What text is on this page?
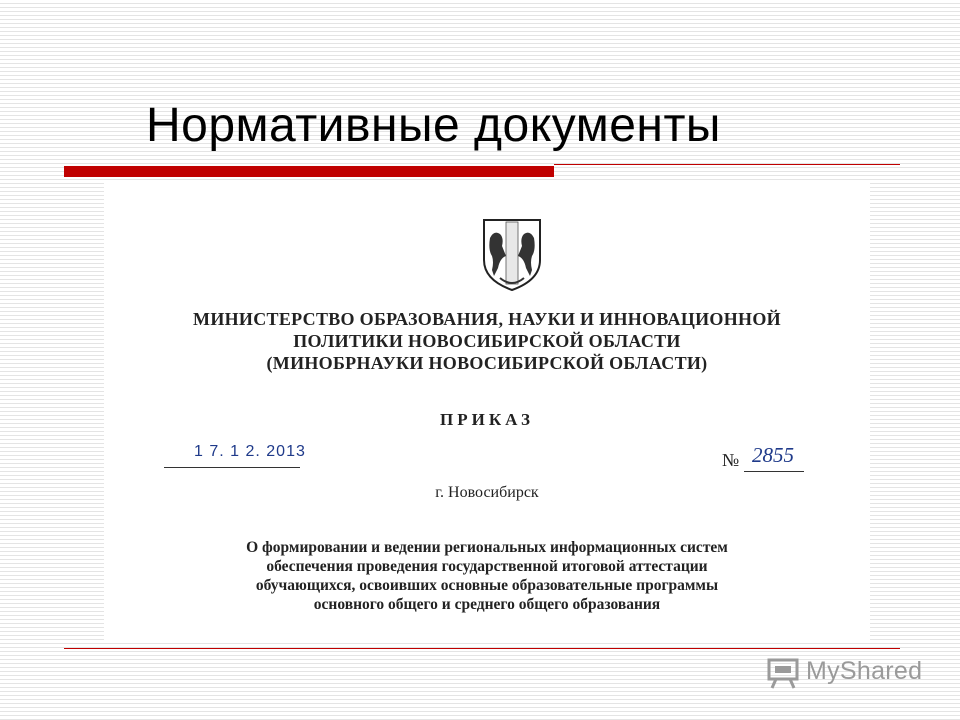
Нормативные документы
МИНИСТЕРСТВО ОБРАЗОВАНИЯ, НАУКИ И ИННОВАЦИОННОЙ
ПОЛИТИКИ НОВОСИБИРСКОЙ ОБЛАСТИ
(МИНОБРНАУКИ НОВОСИБИРСКОЙ ОБЛАСТИ)
ПРИКАЗ
1 7. 1 2. 2013	№ 2855
г. Новосибирск
О формировании и ведении региональных информационных систем
обеспечения проведения государственной итоговой аттестации
обучающихся, освоивших основные образовательные программы
основного общего и среднего общего образования
MyShared
